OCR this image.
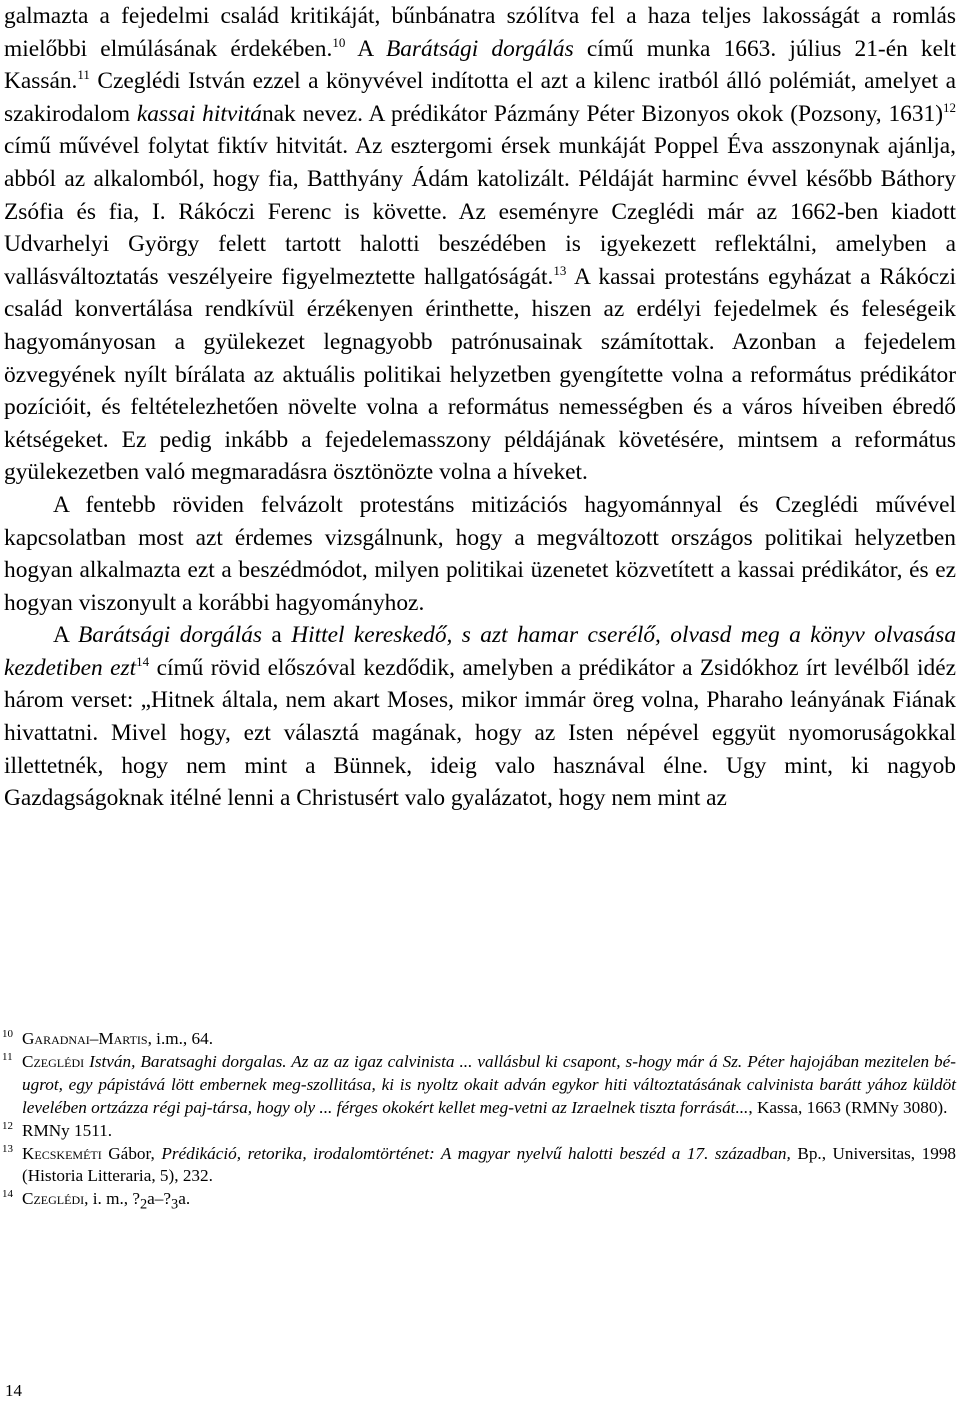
galmazta a fejedelmi család kritikáját, bűnbánatra szólítva fel a haza teljes lakosságát a romlás mielőbbi elmúlásának érdekében.$^{10}$ A Barátsági dorgálás című munka 1663. július 21-én kelt Kassán.$^{11}$ Czeglédi István ezzel a könyvével indította el azt a kilenc iratból álló polémiát, amelyet a szakirodalom kassai hitvitának nevez. A prédikátor Pázmány Péter Bizonyos okok (Pozsony, 1631)$^{12}$ című művével folytat fiktív hitvitát. Az esztergomi érsek munkáját Poppel Éva asszonynak ajánlja, abból az alkalomból, hogy fia, Batthyány Ádám katolizált. Példáját harminc évvel később Báthory Zsófia és fia, I. Rákóczi Ferenc is követte. Az eseményre Czeglédi már az 1662-ben kiadott Udvarhelyi György felett tartott halotti beszédében is igyekezett reflektálni, amelyben a vallásváltoztatás veszélyeire figyelmeztette hallgatóságát.$^{13}$ A kassai protestáns egyházat a Rákóczi család konvertálása rendkívül érzékenyen érinthette, hiszen az erdélyi fejedelmek és feleségeik hagyományosan a gyülekezet legnagyobb patrónusainak számítottak. Azonban a fejedelem özvegyének nyílt bírálata az aktuális politikai helyzetben gyengítette volna a református prédikátor pozícióit, és feltételezhetően növelte volna a református nemességben és a város híveiben ébredő kétségeket. Ez pedig inkább a fejedelemasszony példájának követésére, mintsem a református gyülekezetben való megmaradásra ösztönözte volna a híveket.

A fentebb röviden felvázolt protestáns mitizációs hagyománnyal és Czeglédi művével kapcsolatban most azt érdemes vizsgálnunk, hogy a megváltozott országos politikai helyzetben hogyan alkalmazta ezt a beszédmódot, milyen politikai üzenetet közvetített a kassai prédikátor, és ez hogyan viszonyult a korábbi hagyományhoz.

A Barátsági dorgálás a Hittel kereskedő, s azt hamar cserélő, olvasd meg a könyv olvasása kezdetiben ezt$^{14}$ című rövid előszóval kezdődik, amelyben a prédikátor a Zsidókhoz írt levélből idéz három verset: „Hitnek általa, nem akart Moses, mikor immár öreg volna, Pharaho leányának Fiának hivattatni. Mivel hogy, ezt választá magának, hogy az Isten népével eggyüt nyomoruságokkal illettetnék, hogy nem mint a Bünnek, ideig valo hasznával élne. Ugy mint, ki nagyob Gazdagságoknak itélné lenni a Christusért valo gyalázatot, hogy nem mint az

10 Garadnai–Martis, i.m., 64.
11 Czeglédi István, Baratsaghi dorgalas. Az az az igaz calvinista ... vallásbul ki csapont, s-hogy már á Sz. Péter hajojában mezitelen bé- ugrot, egy pápistává lött embernek meg-szollitása, ki is nyoltz okait adván egykor hiti változtatásának calvinista barátt yához küldöt levelében ortzázza régi paj-társa, hogy oly ... férges okokért kellet meg-vetni az Izraelnek tiszta forrását..., Kassa, 1663 (RMNy 3080).
12 RMNy 1511.
13 Kecskeméti Gábor, Prédikáció, retorika, irodalomtörténet: A magyar nyelvű halotti beszéd a 17. században, Bp., Universitas, 1998 (Historia Litteraria, 5), 232.
14 Czeglédi, i. m., $?_2a-?_3a$.
14
